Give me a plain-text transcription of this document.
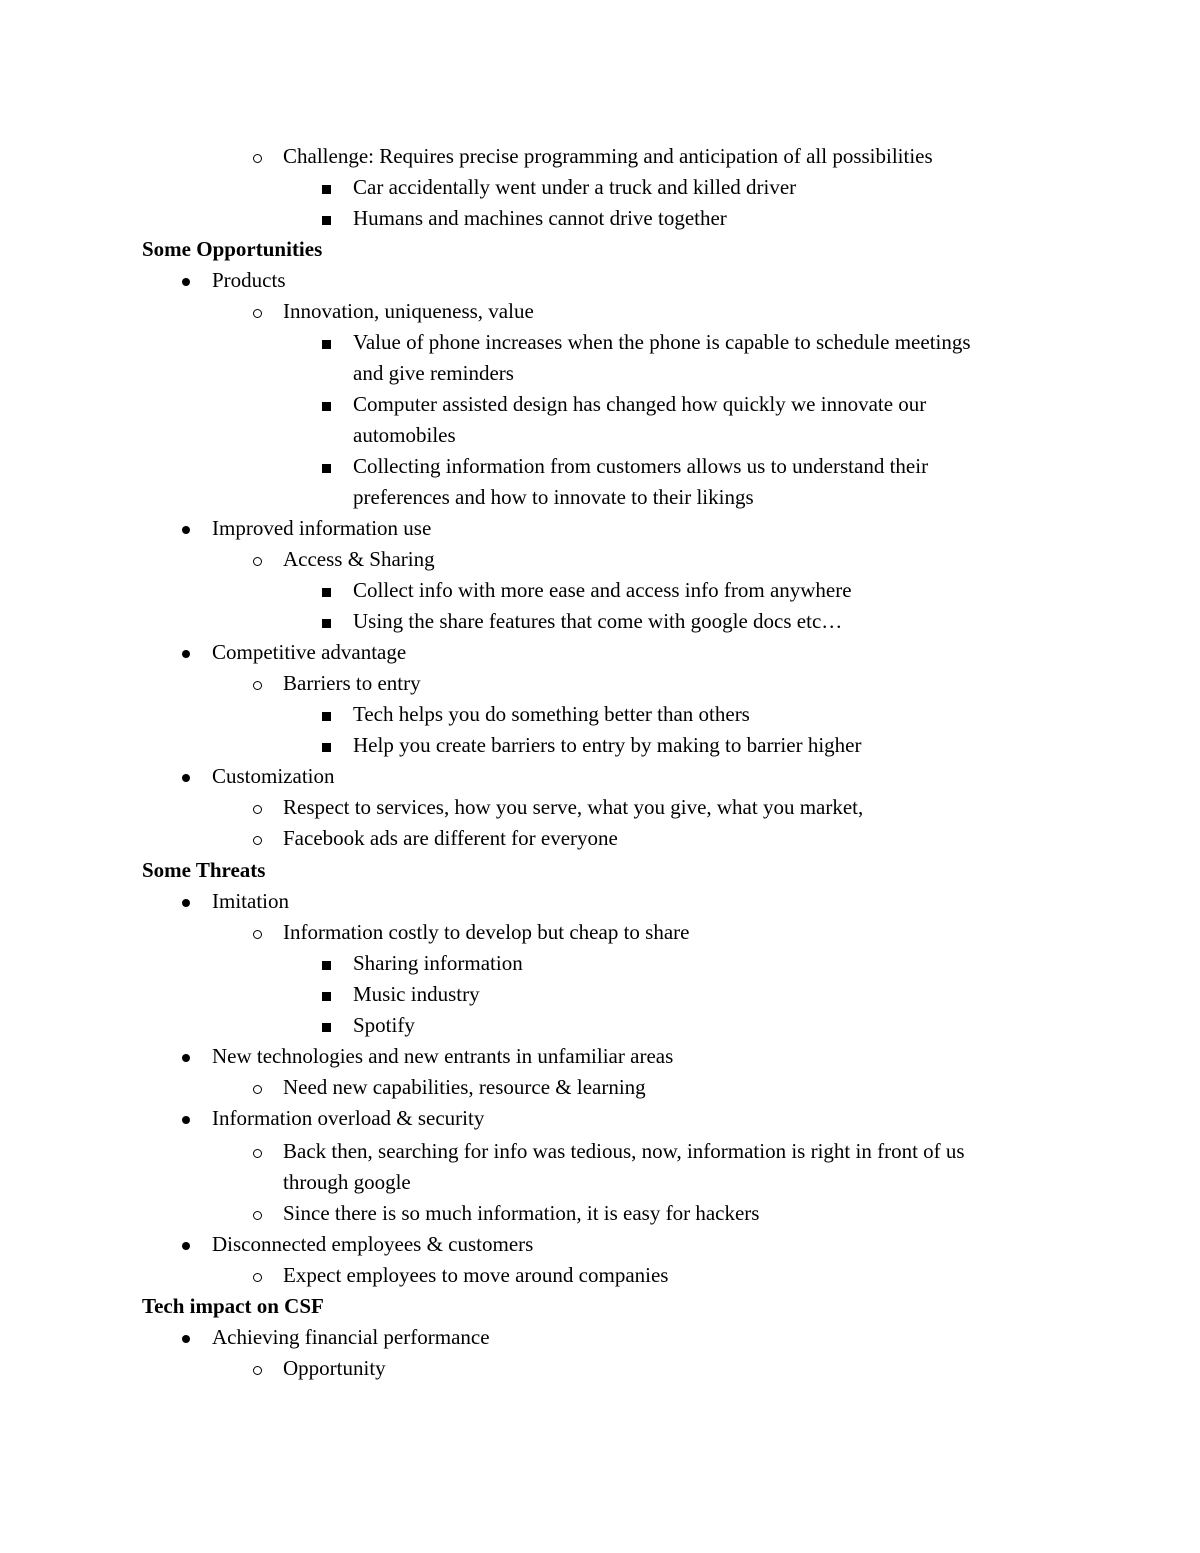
Challenge: Requires precise programming and anticipation of all possibilities
Car accidentally went under a truck and killed driver
Humans and machines cannot drive together
Some Opportunities
Products
Innovation, uniqueness, value
Value of phone increases when the phone is capable to schedule meetings
and give reminders
Computer assisted design has changed how quickly we innovate our
automobiles
Collecting information from customers allows us to understand their
preferences and how to innovate to their likings
Improved information use
Access & Sharing
Collect info with more ease and access info from anywhere
Using the share features that come with google docs etc…
Competitive advantage
Barriers to entry
Tech helps you do something better than others
Help you create barriers to entry by making to barrier higher
Customization
Respect to services, how you serve, what you give, what you market,
Facebook ads are different for everyone
Some Threats
Imitation
Information costly to develop but cheap to share
Sharing information
Music industry
Spotify
New technologies and new entrants in unfamiliar areas
Need new capabilities, resource & learning
Information overload & security
Back then, searching for info was tedious, now, information is right in front of us
through google
Since there is so much information, it is easy for hackers
Disconnected employees & customers
Expect employees to move around companies
Tech impact on CSF
Achieving financial performance
Opportunity
